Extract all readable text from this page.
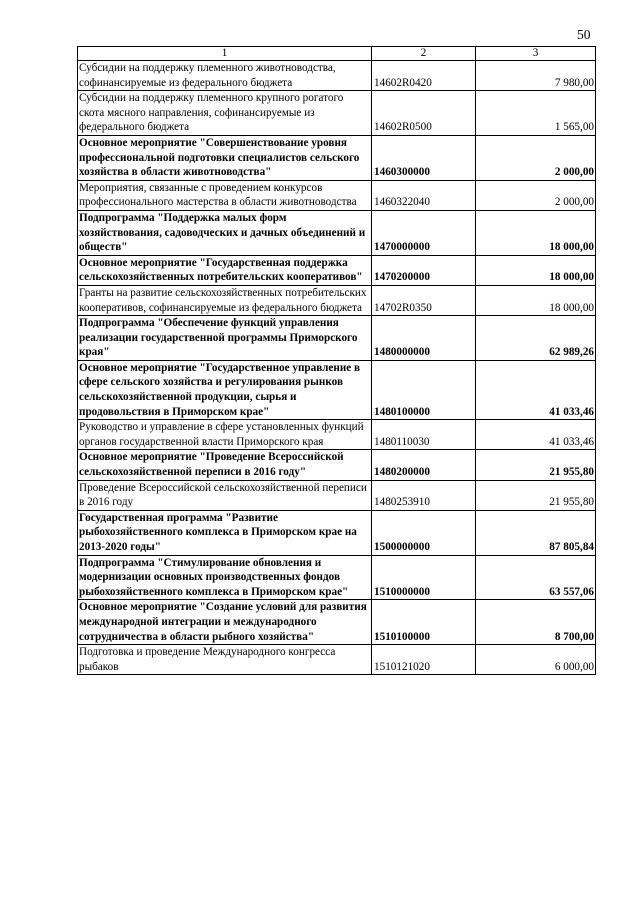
50
1	2	3
Субсидии на поддержку племенного животноводства, софинансируемые из федерального бюджета	14602R0420	7 980,00
Субсидии на поддержку племенного крупного рогатого скота мясного направления, софинансируемые из федерального бюджета	14602R0500	1 565,00
Основное мероприятие "Совершенствование уровня профессиональной подготовки специалистов сельского хозяйства в области животноводства"	1460300000	2 000,00
Мероприятия, связанные с проведением конкурсов профессионального мастерства в области животноводства	1460322040	2 000,00
Подпрограмма "Поддержка малых форм хозяйствования, садоводческих и дачных объединений и обществ"	1470000000	18 000,00
Основное мероприятие "Государственная поддержка сельскохозяйственных потребительских кооперативов"	1470200000	18 000,00
Гранты на развитие сельскохозяйственных потребительских кооперативов, софинансируемые из федерального бюджета	14702R0350	18 000,00
Подпрограмма "Обеспечение функций управления реализации государственной программы Приморского края"	1480000000	62 989,26
Основное мероприятие "Государственное управление в сфере сельского хозяйства и регулирования рынков сельскохозяйственной продукции, сырья и продовольствия в Приморском крае"	1480100000	41 033,46
Руководство и управление в сфере установленных функций органов государственной власти Приморского края	1480110030	41 033,46
Основное мероприятие "Проведение Всероссийской сельскохозяйственной переписи в 2016 году"	1480200000	21 955,80
Проведение Всероссийской сельскохозяйственной переписи в 2016 году	1480253910	21 955,80
Государственная программа "Развитие рыбохозяйственного комплекса в Приморском крае на 2013-2020 годы"	1500000000	87 805,84
Подпрограмма "Стимулирование обновления и модернизации основных производственных фондов рыбохозяйственного комплекса в Приморском крае"	1510000000	63 557,06
Основное мероприятие "Создание условий для развития международной интеграции и международного сотрудничества в области рыбного хозяйства"	1510100000	8 700,00
Подготовка и проведение Международного конгресса рыбаков	1510121020	6 000,00
